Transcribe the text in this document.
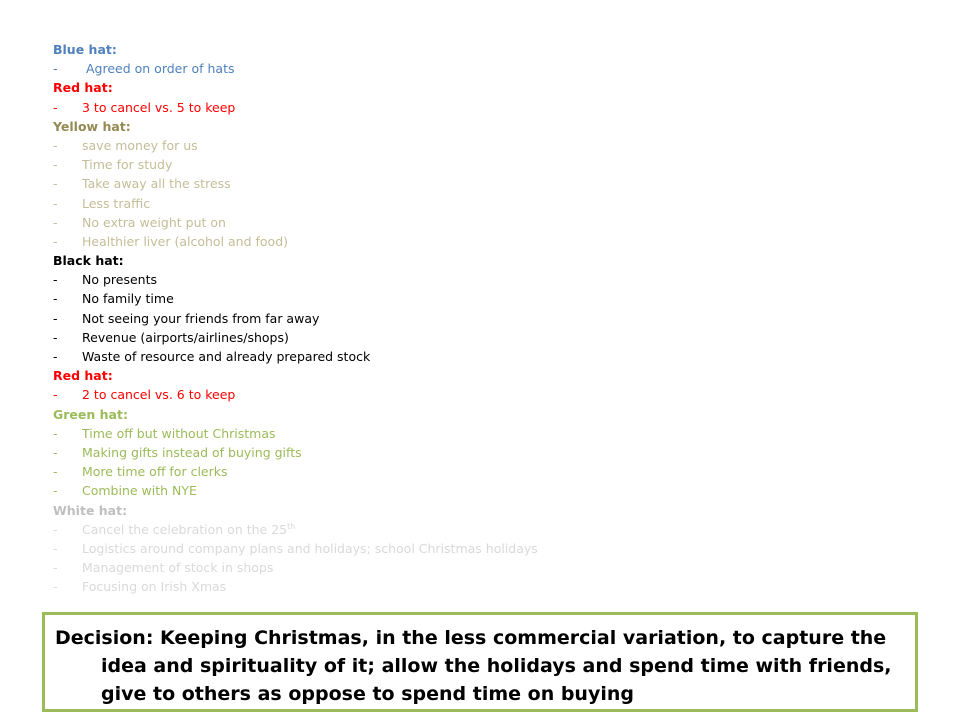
Blue hat:
- Agreed on order of hats
Red hat:
- 3 to cancel vs. 5 to keep
Yellow hat:
- save money for us
- Time for study
- Take away all the stress
- Less traffic
- No extra weight put on
- Healthier liver (alcohol and food)
Black hat:
- No presents
- No family time
- Not seeing your friends from far away
- Revenue (airports/airlines/shops)
- Waste of resource and already prepared stock
Red hat:
- 2 to cancel vs. 6 to keep
Green hat:
- Time off but without Christmas
- Making gifts instead of buying gifts
- More time off for clerks
- Combine with NYE
White hat:
- Cancel the celebration on the 25th
- Logistics around company plans and holidays; school Christmas holidays
- Management of stock in shops
- Focusing on Irish Xmas
Decision: Keeping Christmas, in the less commercial variation, to capture the idea and spirituality of it; allow the holidays and spend time with friends, give to others as oppose to spend time on buying
